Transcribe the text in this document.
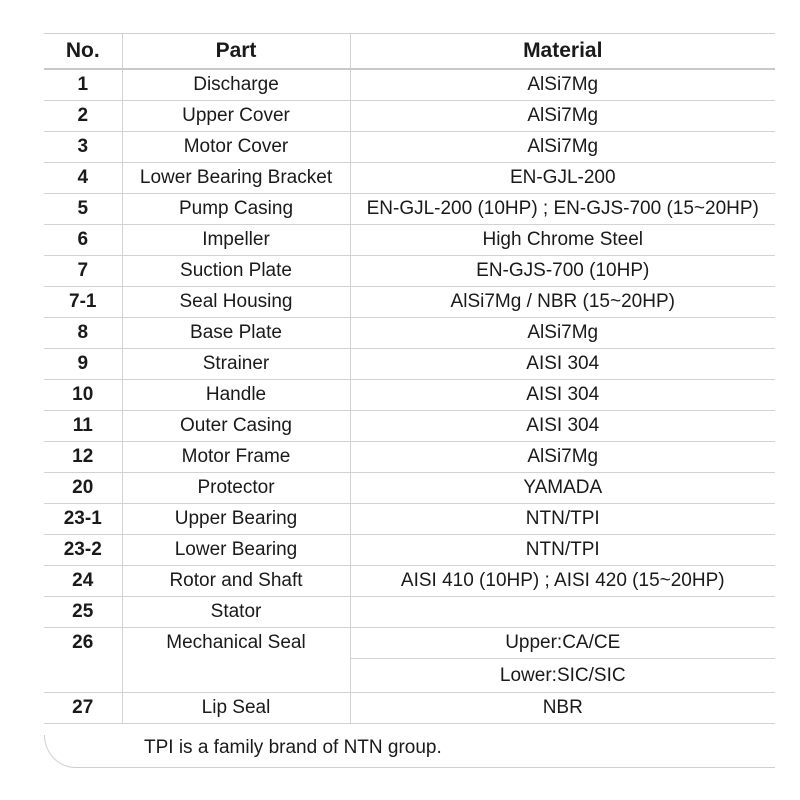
No.	Part	Material
1	Discharge	AlSi7Mg
2	Upper Cover	AlSi7Mg
3	Motor Cover	AlSi7Mg
4	Lower Bearing Bracket	EN-GJL-200
5	Pump Casing	EN-GJL-200 (10HP) ; EN-GJS-700 (15~20HP)
6	Impeller	High Chrome Steel
7	Suction Plate	EN-GJS-700 (10HP)
7-1	Seal Housing	AlSi7Mg / NBR (15~20HP)
8	Base Plate	AlSi7Mg
9	Strainer	AISI 304
10	Handle	AISI 304
11	Outer Casing	AISI 304
12	Motor Frame	AlSi7Mg
20	Protector	YAMADA
23-1	Upper Bearing	NTN/TPI
23-2	Lower Bearing	NTN/TPI
24	Rotor and Shaft	AISI 410 (10HP) ; AISI 420 (15~20HP)
25	Stator	
26	Mechanical Seal	Upper:CA/CE
		Lower:SIC/SIC
27	Lip Seal	NBR
TPI is a family brand of NTN group.
